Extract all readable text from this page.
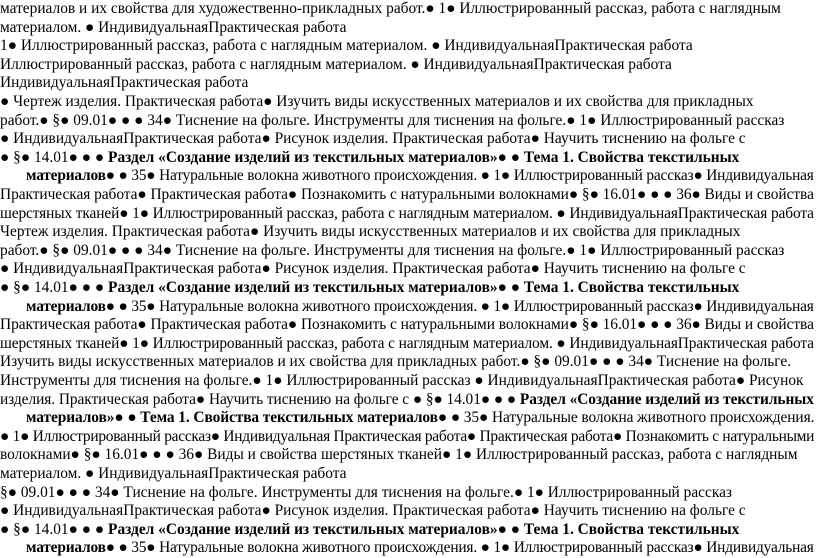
материалов и их свойства для художественно-прикладных работ.● 1● Иллюстрированный рассказ, работа с наглядным
материалом. ● ИндивидуальнаяПрактическая работа
1● Иллюстрированный рассказ, работа с наглядным материалом. ● ИндивидуальнаяПрактическая работа
Иллюстрированный рассказ, работа с наглядным материалом. ● ИндивидуальнаяПрактическая работа
ИндивидуальнаяПрактическая работа
● Чертеж изделия. Практическая работа● Изучить виды искусственных материалов и их свойства для прикладных
работ.● §● 09.01● ● ● 34● Тиснение на фольге. Инструменты для тиснения на фольге.● 1● Иллюстрированный рассказ
● ИндивидуальнаяПрактическая работа● Рисунок изделия. Практическая работа● Научить тиснению на фольге с
● §● 14.01● ● ● Раздел «Создание изделий из текстильных материалов»● ● Тема 1. Свойства текстильных
материалов● ● 35● Натуральные волокна животного происхождения. ● 1● Иллюстрированный рассказ● Индивидуальная
Практическая работа● Практическая работа● Познакомить с натуральными волокнами● §● 16.01● ● ● 36● Виды и свойства
шерстяных тканей● 1● Иллюстрированный рассказ, работа с наглядным материалом. ● ИндивидуальнаяПрактическая работа
Чертеж изделия. Практическая работа● Изучить виды искусственных материалов и их свойства для прикладных
работ.● §● 09.01● ● ● 34● Тиснение на фольге. Инструменты для тиснения на фольге.● 1● Иллюстрированный рассказ
● ИндивидуальнаяПрактическая работа● Рисунок изделия. Практическая работа● Научить тиснению на фольге с
● §● 14.01● ● ● Раздел «Создание изделий из текстильных материалов»● ● Тема 1. Свойства текстильных
материалов● ● 35● Натуральные волокна животного происхождения. ● 1● Иллюстрированный рассказ● Индивидуальная
Практическая работа● Практическая работа● Познакомить с натуральными волокнами● §● 16.01● ● ● 36● Виды и свойства
шерстяных тканей● 1● Иллюстрированный рассказ, работа с наглядным материалом. ● ИндивидуальнаяПрактическая работа
Изучить виды искусственных материалов и их свойства для прикладных работ.● §● 09.01● ● ● 34● Тиснение на фольге.
Инструменты для тиснения на фольге.● 1● Иллюстрированный рассказ ● ИндивидуальнаяПрактическая работа● Рисунок
изделия. Практическая работа● Научить тиснению на фольге с ● §● 14.01● ● ● Раздел «Создание изделий из текстильных
материалов»● ● Тема 1. Свойства текстильных материалов● ● 35● Натуральные волокна животного происхождения.
● 1● Иллюстрированный рассказ● Индивидуальная Практическая работа● Практическая работа● Познакомить с натуральными
волокнами● §● 16.01● ● ● 36● Виды и свойства шерстяных тканей● 1● Иллюстрированный рассказ, работа с наглядным
материалом. ● ИндивидуальнаяПрактическая работа
§● 09.01● ● ● 34● Тиснение на фольге. Инструменты для тиснения на фольге.● 1● Иллюстрированный рассказ
● ИндивидуальнаяПрактическая работа● Рисунок изделия. Практическая работа● Научить тиснению на фольге с
● §● 14.01● ● ● Раздел «Создание изделий из текстильных материалов»● ● Тема 1. Свойства текстильных
материалов● ● 35● Натуральные волокна животного происхождения. ● 1● Иллюстрированный рассказ● Индивидуальная
